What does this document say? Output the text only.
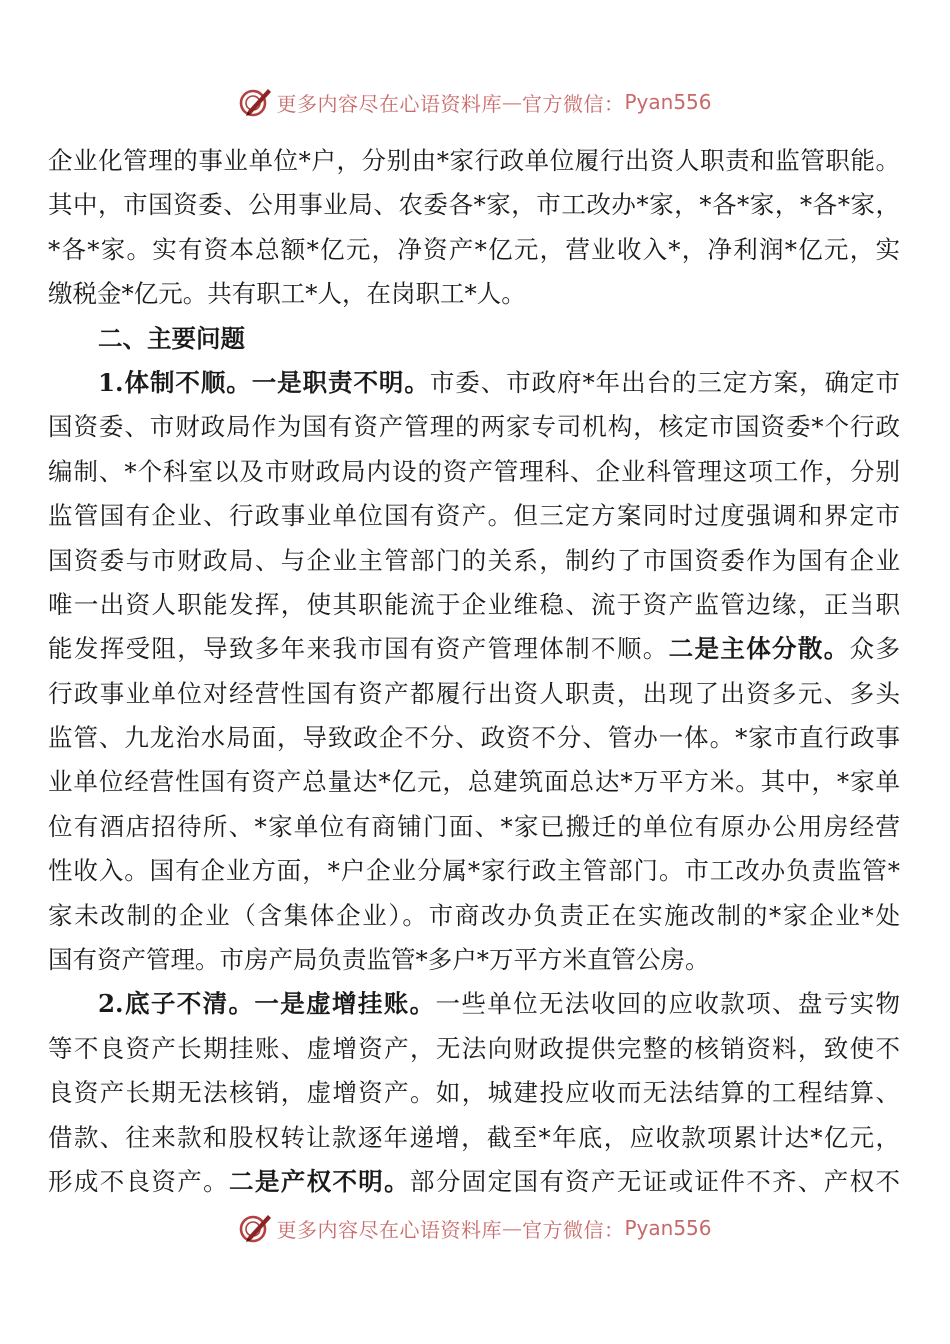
更多内容尽在心语资料库 — 官方微信： Pyan556
企业化管理的事业单位*户，分别由*家行政单位履行出资人职责和监管职能。
其中，市国资委、公用事业局、农委各*家，市工改办*家，*各*家，*各*家，
*各*家。实有资本总额*亿元，净资产*亿元，营业收入*，净利润*亿元，实
缴税金*亿元。共有职工*人，在岗职工*人。
二、主要问题
1.体制不顺。一是职责不明。市委、市政府*年出台的三定方案，确定市
国资委、市财政局作为国有资产管理的两家专司机构，核定市国资委*个行政
编制、*个科室以及市财政局内设的资产管理科、企业科管理这项工作，分别
监管国有企业、行政事业单位国有资产。但三定方案同时过度强调和界定市
国资委与市财政局、与企业主管部门的关系，制约了市国资委作为国有企业
唯一出资人职能发挥，使其职能流于企业维稳、流于资产监管边缘，正当职
能发挥受阻，导致多年来我市国有资产管理体制不顺。二是主体分散。众多
行政事业单位对经营性国有资产都履行出资人职责，出现了出资多元、多头
监管、九龙治水局面，导致政企不分、政资不分、管办一体。*家市直行政事
业单位经营性国有资产总量达*亿元，总建筑面总达*万平方米。其中，*家单
位有酒店招待所、*家单位有商铺门面、*家已搬迁的单位有原办公用房经营
性收入。国有企业方面，*户企业分属*家行政主管部门。市工改办负责监管*
家未改制的企业（含集体企业）。市商改办负责正在实施改制的*家企业*处
国有资产管理。市房产局负责监管*多户*万平方米直管公房。
2.底子不清。一是虚增挂账。一些单位无法收回的应收款项、盘亏实物
等不良资产长期挂账、虚增资产，无法向财政提供完整的核销资料，致使不
良资产长期无法核销，虚增资产。如，城建投应收而无法结算的工程结算、
借款、往来款和股权转让款逐年递增，截至*年底，应收款项累计达*亿元，
形成不良资产。二是产权不明。部分固定国有资产无证或证件不齐、产权不
更多内容尽在心语资料库 — 官方微信： Pyan556
